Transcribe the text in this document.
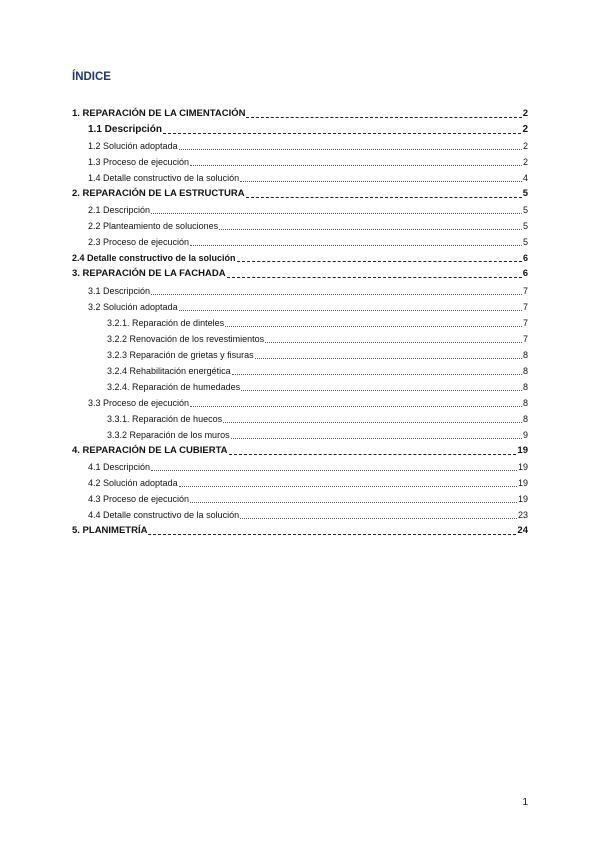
ÍNDICE
1. REPARACIÓN DE LA CIMENTACIÓN	2
1.1 Descripción	2
1.2 Solución adoptada	2
1.3 Proceso de ejecución	2
1.4 Detalle constructivo de la solución	4
2. REPARACIÓN DE LA ESTRUCTURA	5
2.1 Descripción	5
2.2 Planteamiento de soluciones	5
2.3 Proceso de ejecución	5
2.4 Detalle constructivo de la solución	6
3. REPARACIÓN DE LA FACHADA	6
3.1 Descripción	7
3.2 Solución adoptada	7
3.2.1. Reparación de dinteles	7
3.2.2 Renovación de los revestimientos	7
3.2.3 Reparación de grietas y fisuras	8
3.2.4 Rehabilitación energética	8
3.2.4. Reparación de humedades	8
3.3 Proceso de ejecución	8
3.3.1. Reparación de huecos	8
3.3.2 Reparación de los muros	9
4. REPARACIÓN DE LA CUBIERTA	19
4.1 Descripción	19
4.2 Solución adoptada	19
4.3 Proceso de ejecución	19
4.4 Detalle constructivo de la solución	23
5. PLANIMETRÍA	24
1
